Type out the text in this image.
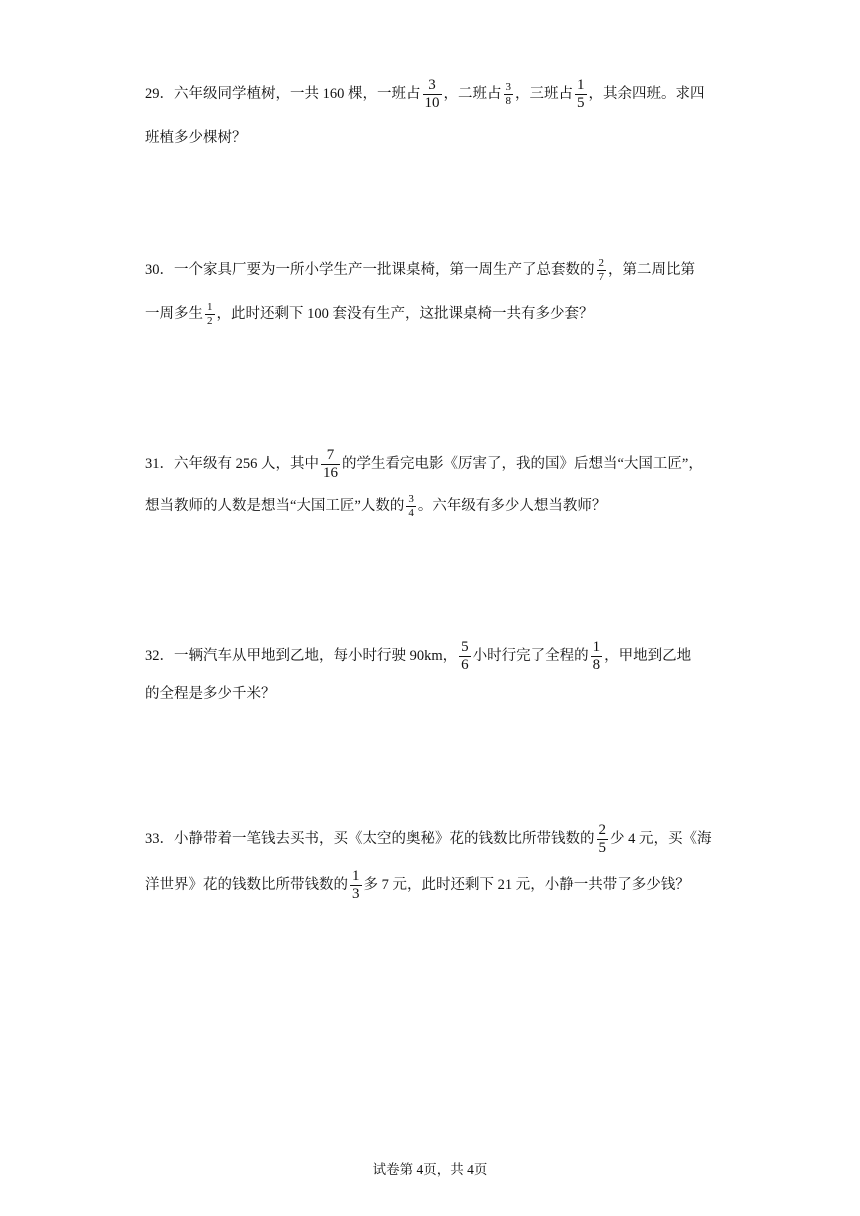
29．六年级同学植树，一共 160 棵，一班占 $\frac{3}{10}$ ，二班占 $\frac{3}{8}$ ，三班占 $\frac{1}{5}$ ，其余四班。求四
班植多少棵树？
30．一个家具厂要为一所小学生产一批课桌椅，第一周生产了总套数的 $\frac{2}{7}$ ，第二周比第
一周多生 $\frac{1}{2}$ ，此时还剩下 100 套没有生产，这批课桌椅一共有多少套？
31．六年级有 256 人，其中 $\frac{7}{16}$ 的学生看完电影《厉害了，我的国》后想当“大国工匠”，
想当教师的人数是想当“大国工匠”人数的 $\frac{3}{4}$ 。六年级有多少人想当教师？
32．一辆汽车从甲地到乙地，每小时行驶 90km， $\frac{5}{6}$ 小时行完了全程的 $\frac{1}{8}$ ，甲地到乙地
的全程是多少千米？
33．小静带着一笔钱去买书，买《太空的奥秘》花的钱数比所带钱数的 $\frac{2}{5}$ 少 4 元，买《海
洋世界》花的钱数比所带钱数的 $\frac{1}{3}$ 多 7 元，此时还剩下 21 元，小静一共带了多少钱？
试卷第 4页，共 4页
